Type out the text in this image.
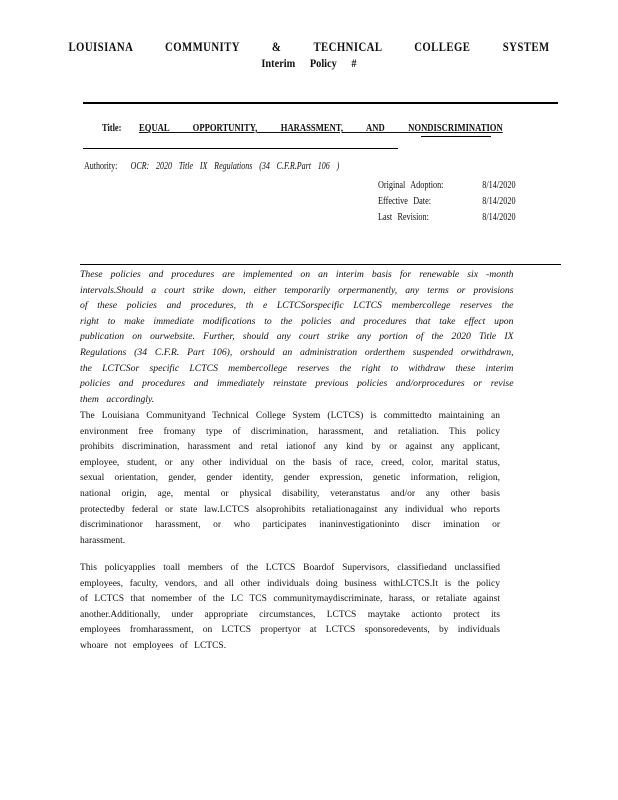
LOUISIANA COMMUNITY & TECHNICAL COLLEGE SYSTEM
Interim Policy #
Title: EQUAL OPPORTUNITY, HARASSMENT, AND NONDISCRIMINATION
Authority: OCR: 2020 Title IX Regulations (34 C.F.R.Part 106 )
Original Adoption:	8/14/2020
Effective Date:	8/14/2020
Last Revision:	8/14/2020
These policies and procedures are implemented on an interim basis for renewable six -month intervals.Should a court strike down, either temporarily orpermanently, any terms or provisions of these policies and procedures, th e LCTCSorspecific LCTCS membercollege reserves the right to make immediate modifications to the policies and procedures that take effect upon publication on ourwebsite. Further, should any court strike any portion of the 2020 Title IX Regulations (34 C.F.R. Part 106), orshould an administration orderthem suspended orwithdrawn, the LCTCSor specific LCTCS membercollege reserves the right to withdraw these interim policies and procedures and immediately reinstate previous policies and/orprocedures or revise them accordingly.
The Louisiana Communityand Technical College System (LCTCS) is committedto maintaining an environment free fromany type of discrimination, harassment, and retaliation. This policy prohibits discrimination, harassment and retal iationof any kind by or against any applicant, employee, student, or any other individual on the basis of race, creed, color, marital status, sexual orientation, gender, gender identity, gender expression, genetic information, religion, national origin, age, mental or physical disability, veteranstatus and/or any other basis protectedby federal or state law.LCTCS alsoprohibits retaliationagainst any individual who reports discriminationor harassment, or who participates inaninvestigationinto discr imination or harassment.
This policyapplies toall members of the LCTCS Boardof Supervisors, classifiedand unclassified employees, faculty, vendors, and all other individuals doing business withLCTCS.It is the policy of LCTCS that nomember of the LC TCS communitymaydiscriminate, harass, or retaliate against another.Additionally, under appropriate circumstances, LCTCS maytake actionto protect its employees fromharassment, on LCTCS propertyor at LCTCS sponsoredevents, by individuals whoare not employees of LCTCS.
